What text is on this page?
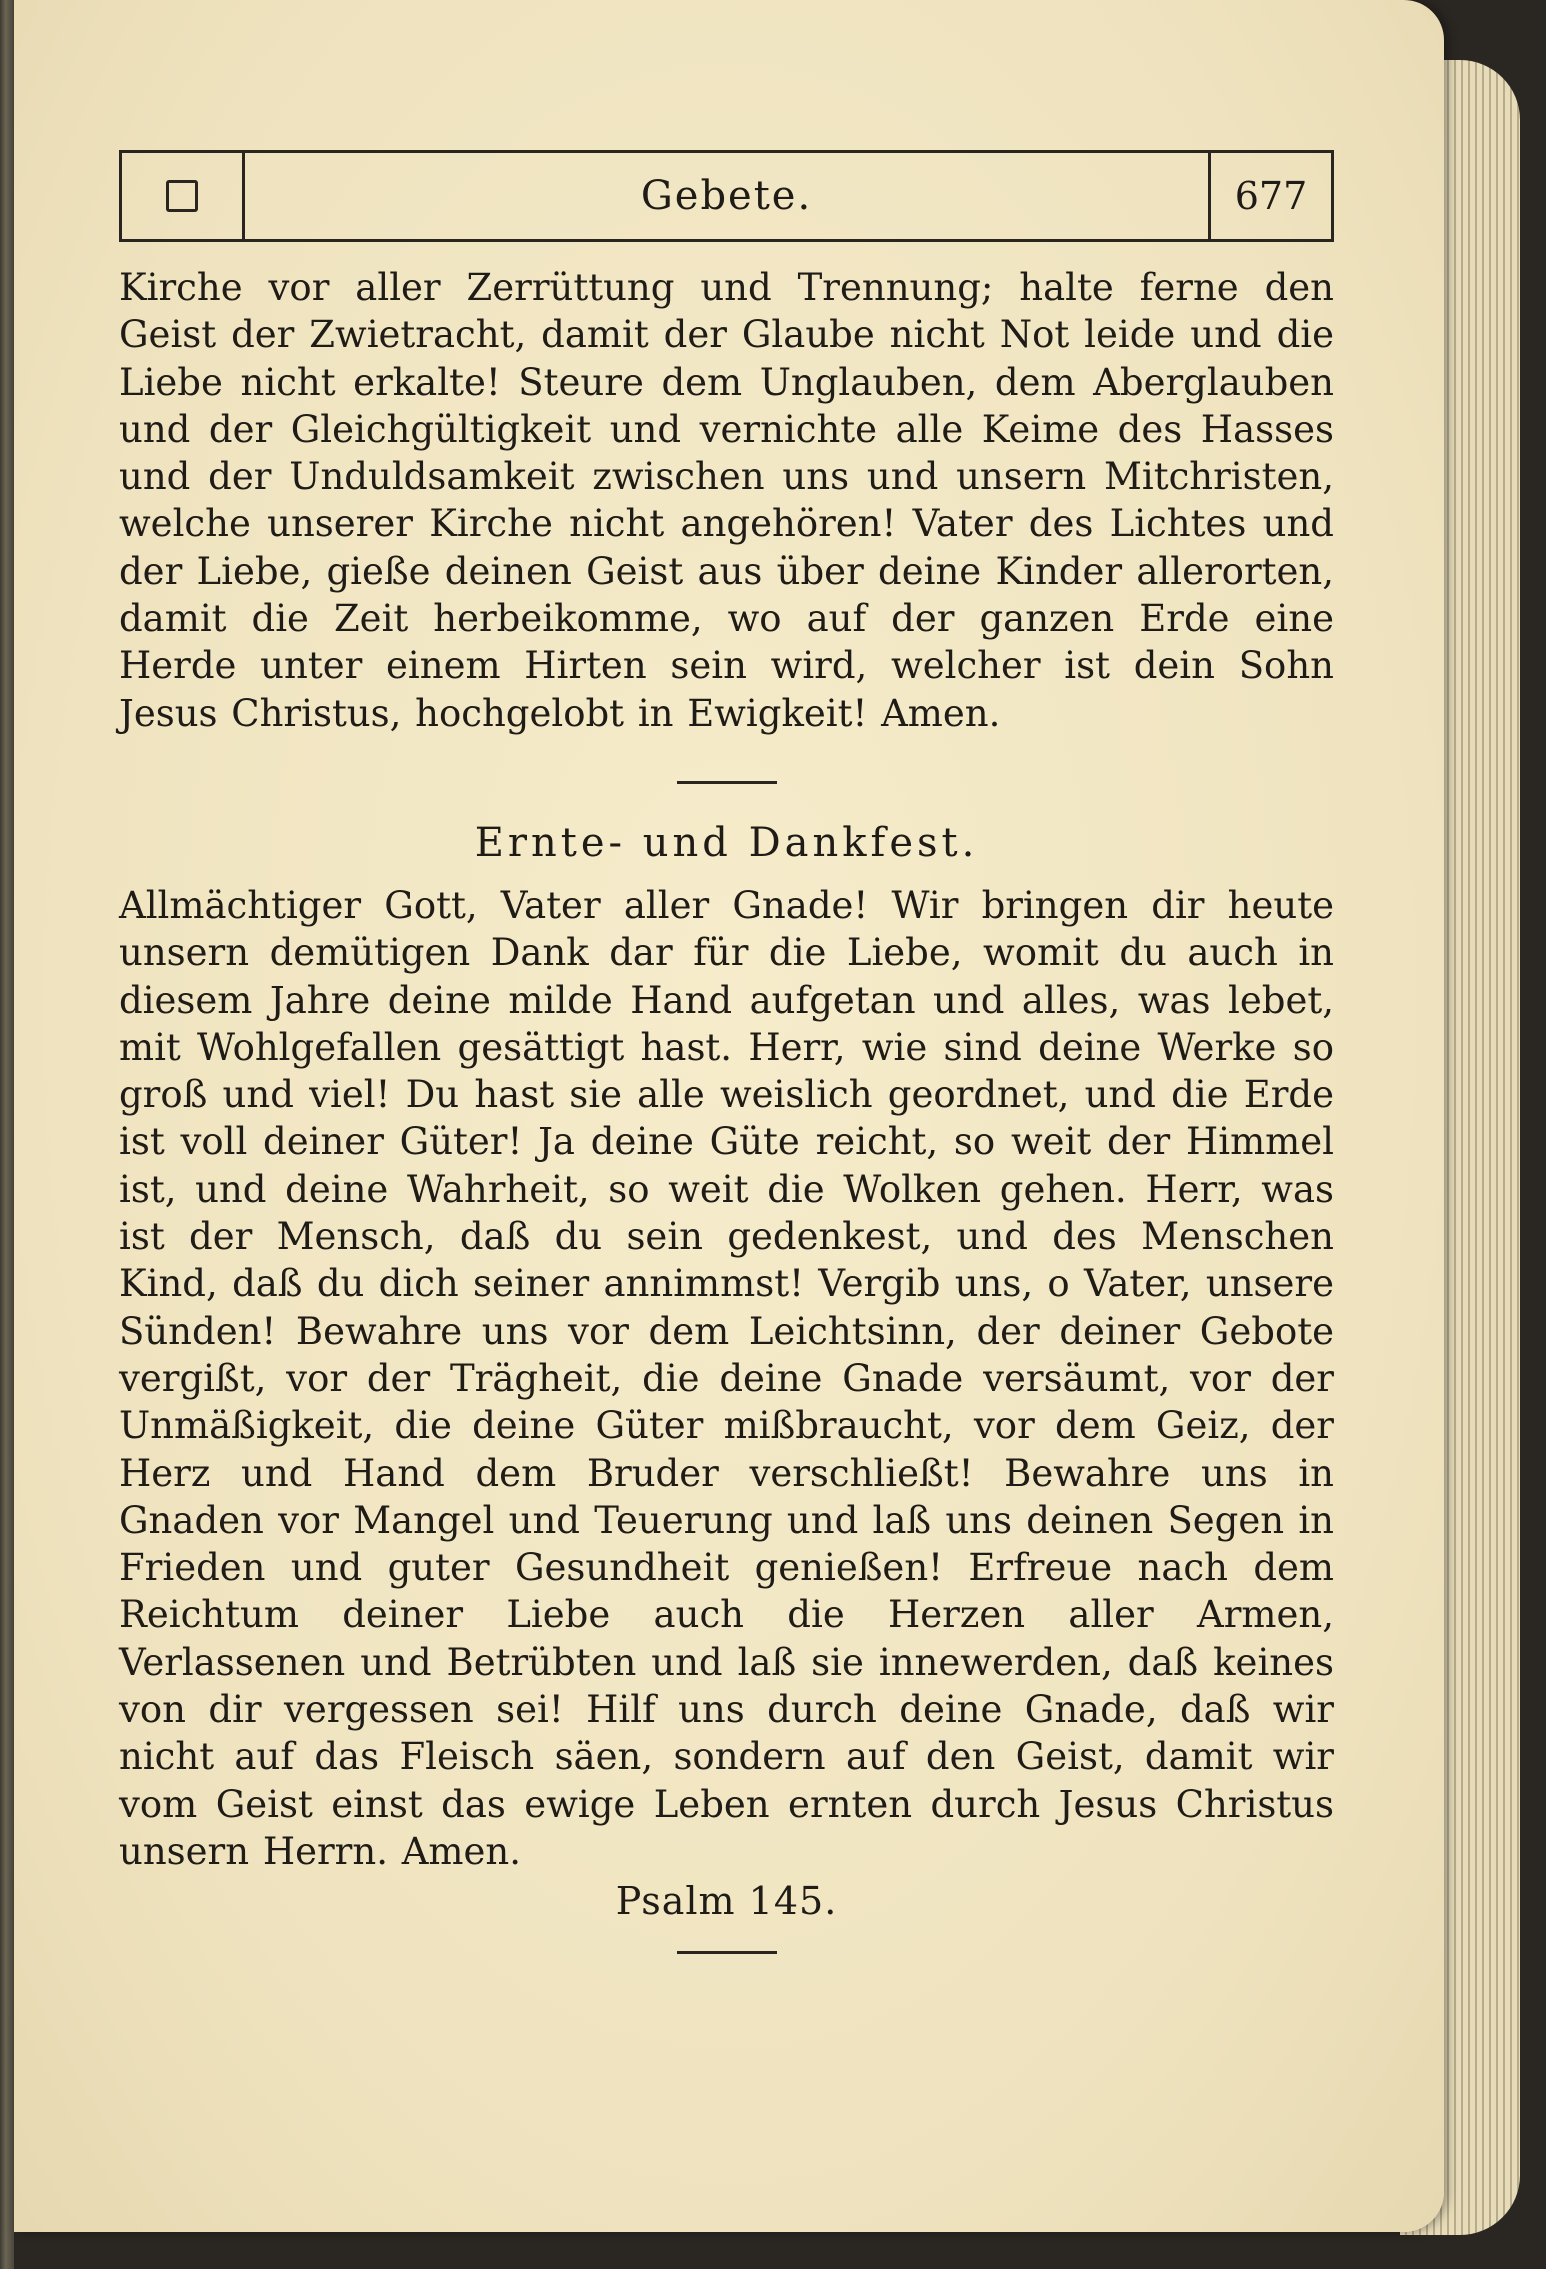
Gebete.	677

Kirche vor aller Zerrüttung und Trennung; halte ferne den Geist der Zwietracht, damit der Glaube nicht Not leide und die Liebe nicht erkalte! Steure dem Unglauben, dem Aberglauben und der Gleichgültigkeit und vernichte alle Keime des Hasses und der Unduldsamkeit zwischen uns und unsern Mitchristen, welche unserer Kirche nicht angehören! Vater des Lichtes und der Liebe, gieße deinen Geist aus über deine Kinder allerorten, damit die Zeit herbeikomme, wo auf der ganzen Erde eine Herde unter einem Hirten sein wird, welcher ist dein Sohn Jesus Christus, hochgelobt in Ewigkeit! Amen.

Ernte- und Dankfest.

Allmächtiger Gott, Vater aller Gnade! Wir bringen dir heute unsern demütigen Dank dar für die Liebe, womit du auch in diesem Jahre deine milde Hand aufgetan und alles, was lebet, mit Wohlgefallen gesättigt hast. Herr, wie sind deine Werke so groß und viel! Du hast sie alle weislich geordnet, und die Erde ist voll deiner Güter! Ja deine Güte reicht, so weit der Himmel ist, und deine Wahrheit, so weit die Wolken gehen. Herr, was ist der Mensch, daß du sein gedenkest, und des Menschen Kind, daß du dich seiner annimmst! Vergib uns, o Vater, unsere Sünden! Bewahre uns vor dem Leichtsinn, der deiner Gebote vergißt, vor der Trägheit, die deine Gnade versäumt, vor der Unmäßigkeit, die deine Güter mißbraucht, vor dem Geiz, der Herz und Hand dem Bruder verschließt! Bewahre uns in Gnaden vor Mangel und Teuerung und laß uns deinen Segen in Frieden und guter Gesundheit genießen! Erfreue nach dem Reichtum deiner Liebe auch die Herzen aller Armen, Verlassenen und Betrübten und laß sie innewerden, daß keines von dir vergessen sei! Hilf uns durch deine Gnade, daß wir nicht auf das Fleisch säen, sondern auf den Geist, damit wir vom Geist einst das ewige Leben ernten durch Jesus Christus unsern Herrn. Amen.

Psalm 145.
